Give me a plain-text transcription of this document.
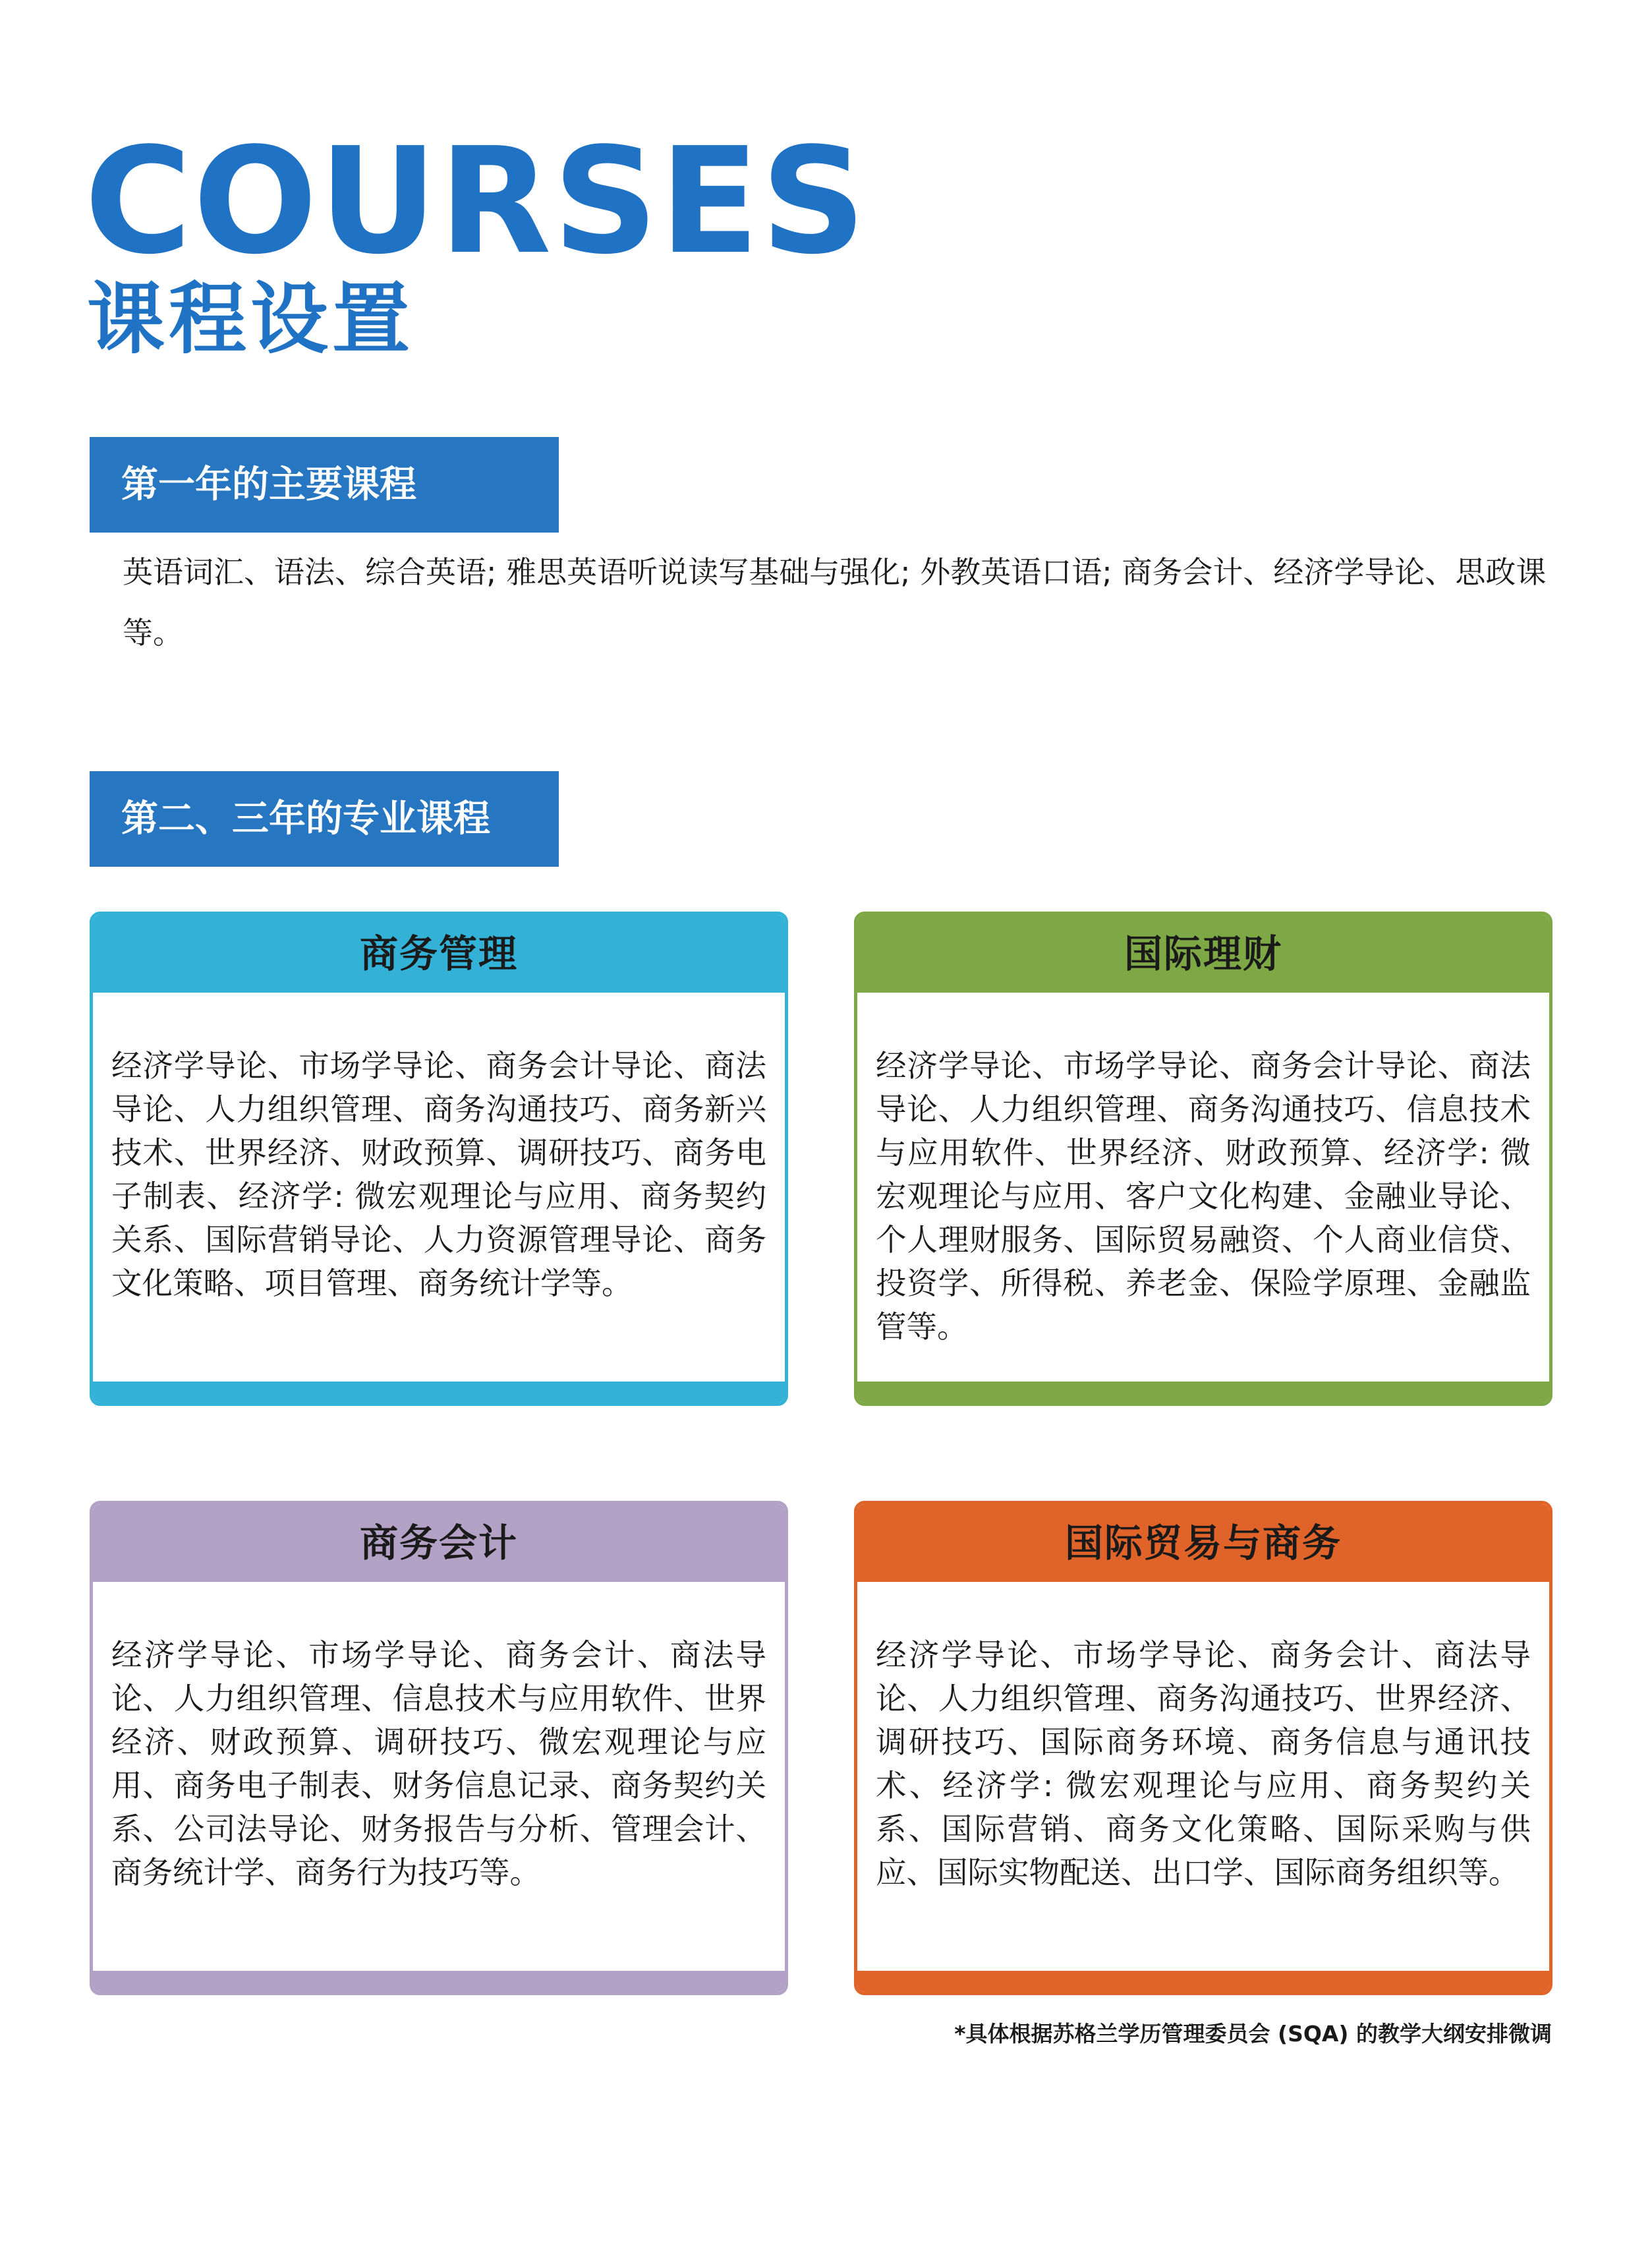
COURSES
课程设置
第一年的主要课程
英语词汇、语法、综合英语; 雅思英语听说读写基础与强化; 外教英语口语; 商务会计、经济学导论、思政课等。
第二、三年的专业课程
商务管理
经济学导论、市场学导论、商务会计导论、商法导论、人力组织管理、商务沟通技巧、商务新兴技术、世界经济、财政预算、调研技巧、商务电子制表、经济学: 微宏观理论与应用、商务契约关系、国际营销导论、人力资源管理导论、商务文化策略、项目管理、商务统计学等。
国际理财
经济学导论、市场学导论、商务会计导论、商法导论、人力组织管理、商务沟通技巧、信息技术与应用软件、世界经济、财政预算、经济学: 微宏观理论与应用、客户文化构建、金融业导论、个人理财服务、国际贸易融资、个人商业信贷、投资学、所得税、养老金、保险学原理、金融监管等。
商务会计
经济学导论、市场学导论、商务会计、商法导论、人力组织管理、信息技术与应用软件、世界经济、财政预算、调研技巧、微宏观理论与应用、商务电子制表、财务信息记录、商务契约关系、公司法导论、财务报告与分析、管理会计、商务统计学、商务行为技巧等。
国际贸易与商务
经济学导论、市场学导论、商务会计、商法导论、人力组织管理、商务沟通技巧、世界经济、调研技巧、国际商务环境、商务信息与通讯技术、经济学: 微宏观理论与应用、商务契约关系、国际营销、商务文化策略、国际采购与供应、国际实物配送、出口学、国际商务组织等。
*具体根据苏格兰学历管理委员会 (SQA) 的教学大纲安排微调
